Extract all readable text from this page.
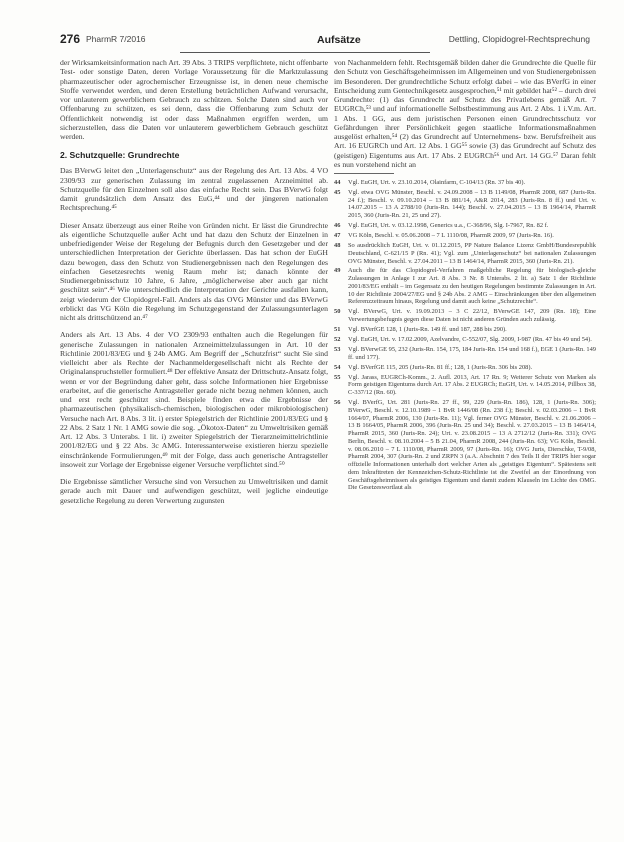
276 PharmR 7/2016	Aufsätze	Dettling, Clopidogrel-Rechtsprechung

der Wirksamkeitsinformation nach Art. 39 Abs. 3 TRIPS verpflichtete, nicht offenbarte Test- oder sonstige Daten, deren Vorlage Voraussetzung für die Marktzulassung pharmazeutischer oder agrochemischer Erzeugnisse ist, in denen neue chemische Stoffe verwendet werden, und deren Erstellung beträchtlichen Aufwand verursacht, vor unlauterem gewerblichem Gebrauch zu schützen. Solche Daten sind auch vor Offenbarung zu schützen, es sei denn, dass die Offenbarung zum Schutz der Öffentlichkeit notwendig ist oder dass Maßnahmen ergriffen werden, um sicherzustellen, dass die Daten vor unlauterem gewerblichem Gebrauch geschützt werden.

2. Schutzquelle: Grundrechte

Das BVerwG leitet den „Unterlagenschutz“ aus der Regelung des Art. 13 Abs. 4 VO 2309/93 zur generischen Zulassung im zentral zugelassenen Arzneimittel ab. Schutzquelle für den Einzelnen soll also das einfache Recht sein. Das BVerwG folgt damit grundsätzlich dem Ansatz des EuG,⁴⁴ und der jüngeren nationalen Rechtsprechung.⁴⁵

Dieser Ansatz überzeugt aus einer Reihe von Gründen nicht. Er lässt die Grundrechte als eigentliche Schutzquelle außer Acht und hat dazu den Schutz der Einzelnen in unbefriedigender Weise der Regelung der Befugnis durch den Gesetzgeber und der unterschiedlichen Interpretation der Gerichte überlassen. Das hat schon der EuGH dazu bewogen, dass den Schutz von Studienergebnissen nach den Regelungen des einfachen Gesetzesrechts wenig Raum mehr ist; danach könnte der Studienergebnisschutz 10 Jahre, 6 Jahre, „möglicherweise aber auch gar nicht geschützt sein“.⁴⁶ Wie unterschiedlich die Interpretation der Gerichte ausfallen kann, zeigt wiederum der Clopidogrel-Fall. Anders als das OVG Münster und das BVerwG erblickt das VG Köln die Regelung im Schutzgegenstand der Zulassungsunterlagen nicht als drittschützend an.⁴⁷

Anders als Art. 13 Abs. 4 der VO 2309/93 enthalten auch die Regelungen für generische Zulassungen in nationalen Arzneimittelzulassungen in Art. 10 der Richtlinie 2001/83/EG und § 24b AMG. Am Begriff der „Schutzfrist“ sucht Sie sind vielleicht aber als Rechte der Nachanmeldergesellschaft nicht als Rechte der Originalanspruchsteller formuliert.⁴⁸ Der effektive Ansatz der Drittschutz-Ansatz folgt, wenn er vor der Begründung daher geht, dass solche Informationen hier Ergebnisse erarbeitet, auf die generische Antragsteller gerade nicht bezug nehmen können, auch und erst recht geschützt sind. Beispiele finden etwa die Ergebnisse der pharmazeutischen (physikalisch-chemischen, biologischen oder mikrobiologischen) Versuche nach Art. 8 Abs. 3 lit. i) erster Spiegelstrich der Richtlinie 2001/83/EG und § 22 Abs. 2 Satz 1 Nr. 1 AMG sowie die sog. „Ökotox-Daten“ zu Umweltrisiken gemäß Art. 12 Abs. 3 Unterabs. 1 lit. i) zweiter Spiegelstrich der Tierarzneimittelrichtlinie 2001/82/EG und § 22 Abs. 3c AMG. Interessanterweise existieren hierzu spezielle einschränkende Formulierungen,⁴⁹ mit der Folge, dass auch generische Antragsteller insoweit zur Vorlage der Ergebnisse eigener Versuche verpflichtet sind.⁵⁰

Die Ergebnisse sämtlicher Versuche sind von Versuchen zu Umweltrisiken und damit gerade auch mit Dauer und aufwendigen geschützt, weil jegliche eindeutige gesetzliche Regelung zu deren Verwertung zugunsten

von Nachanmeldern fehlt. Rechtsgemäß bilden daher die Grundrechte die Quelle für den Schutz von Geschäftsgeheimnissen im Allgemeinen und von Studienergebnissen im Besonderen. Der grundrechtliche Schutz erfolgt dabei – wie das BVerfG in einer Entscheidung zum Gentechnikgesetz ausgesprochen,⁵¹ mit gebildet hat⁵² – durch drei Grundrechte: (1) das Grundrecht auf Schutz des Privatlebens gemäß Art. 7 EUGRCh,⁵³ und auf informationelle Selbstbestimmung aus Art. 2 Abs. 1 i.V.m. Art. 1 Abs. 1 GG, aus dem juristischen Personen einen Grundrechtsschutz vor Gefährdungen ihrer Persönlichkeit gegen staatliche Informationsmaßnahmen ausgelöst erhalten,⁵⁴ (2) das Grundrecht auf Unternehmens- bzw. Berufsfreiheit aus Art. 16 EUGRCh und Art. 12 Abs. 1 GG⁵⁵ sowie (3) das Grundrecht auf Schutz des (geistigen) Eigentums aus Art. 17 Abs. 2 EUGRCh⁵⁶ und Art. 14 GG.⁵⁷ Daran fehlt es nun vorstehend nicht an

44 Vgl. EuGH, Urt. v. 23.10.2014, Olainfarm, C-104/13 (Rn. 37 bis 40).
45 Vgl. etwa OVG Münster, Beschl. v. 24.09.2008 – 13 B 1149/08, PharmR 2008, 687 (Juris-Rn. 24 f.); Beschl. v. 09.10.2014 – 13 B 881/14, A&R 2014, 283 (Juris-Rn. 8 ff.) und Urt. v. 14.07.2015 – 13 A 2788/10 (Juris-Rn. 144); Beschl. v. 27.04.2015 – 13 B 1964/14, PharmR 2015, 360 (Juris-Rn. 21, 25 und 27).
46 Vgl. EuGH, Urt. v. 03.12.1998, Generics u.a., C-368/96, Slg. I-7967, Rn. 82 f.
47 VG Köln, Beschl. v. 05.06.2008 – 7 L 1110/08, PharmR 2009, 97 (Juris-Rn. 16).
48 So ausdrücklich EuGH, Urt. v. 01.12.2015, PP Nature Balance Lizenz GmbH/Bundesrepublik Deutschland, C-621/15 P (Rn. 41); Vgl. zum „Unterlagenschutz“ bei nationalen Zulassungen OVG Münster, Beschl. v. 27.04.2011 – 13 B 1464/14, PharmR 2015, 360 (Juris-Rn. 21).
49 Auch die für das Clopidogrel-Verfahren maßgebliche Regelung für biologisch-gleiche Zulassungen in Anlage I zur Art. 8 Abs. 3 Nr. 8 Unterabs. 2 lit. a) Satz 1 der Richtlinie 2001/83/EG enthält – im Gegensatz zu den heutigen Regelungen bestimmte Zulassungen in Art. 10 der Richtlinie 2004/27/EG und § 24b Abs. 2 AMG – Einschränkungen über den allgemeinen Referenzzeitraum hinaus, Regelung und damit auch keine „Schutzrechte“.
50 Vgl. BVerwG, Urt. v. 19.09.2013 – 3 C 22/12, BVerwGE 147, 209 (Rn. 18); Eine Verwertungsbefugnis gegen diese Daten ist nicht anderen Gründen auch zulässig.
51 Vgl. BVerfGE 128, 1 (Juris-Rn. 149 ff. und 187, 288 bis 290).
52 Vgl. EuGH, Urt. v. 17.02.2009, Azelvandre, C-552/07, Slg. 2009, I-987 (Rn. 47 bis 49 und 54).
53 Vgl. BVerwGE 95, 232 (Juris-Rn. 154, 175, 184 Juris-Rn. 154 und 168 f.), EGE 1 (Juris-Rn. 149 ff. und 177).
54 Vgl. BVerfGE 115, 205 (Juris-Rn. 81 ff.; 128, 1 (Juris-Rn. 306 bis 208).
55 Vgl. Jarass, EUGRCh-Komm., 2. Aufl. 2013, Art. 17 Rn. 9; Weiterer Schutz von Marken als Form geistigen Eigentums durch Art. 17 Abs. 2 EUGRCh; EuGH, Urt. v. 14.05.2014, Pillbox 38, C-337/12 (Rn. 60).
56 Vgl. BVerfG, Urt. 281 (Juris-Rn. 27 ff., 99, 229 (Juris-Rn. 186), 128, 1 (Juris-Rn. 306); BVerwG, Beschl. v. 12.10.1989 – 1 BvR 1446/08 (Rn. 238 f.); Beschl. v. 02.03.2006 – 1 BvR 1664/07, PharmR 2006, 130 (Juris-Rn. 11); Vgl. ferner OVG Münster, Beschl. v. 21.06.2006 – 13 B 1664/05, PharmR 2006, 396 (Juris-Rn. 25 und 34); Beschl. v. 27.03.2015 – 13 B 1464/14, PharmR 2015, 360 (Juris-Rn. 24); Urt. v. 23.08.2015 – 13 A 2712/12 (Juris-Rn. 331); OVG Berlin, Beschl. v. 08.10.2004 – 5 B 21.04, PharmR 2008, 244 (Juris-Rn. 63); VG Köln, Beschl. v. 08.06.2010 – 7 L 1110/08, PharmR 2009, 97 (Juris-Rn. 16); OVG Juris, Dierschke, T-9/08, PharmR 2004, 307 (Juris-Rn. 2 und ZRPN 3 (a.A. Abschnitt 7 des Teils II der TRIPS hier sogar offizielle Informationen unterhalb dort welcher Arten als „geistiges Eigentum“. Spätestens seit dem Inkrafttreten der Kennzeichen-Schutz-Richtlinie ist die Zweifel an der Einordnung von Geschäftsgeheimnissen als geistiges Eigentum und damit zudem Klauseln im Lichte des OMG. Die Gesetzeswortlaut als
